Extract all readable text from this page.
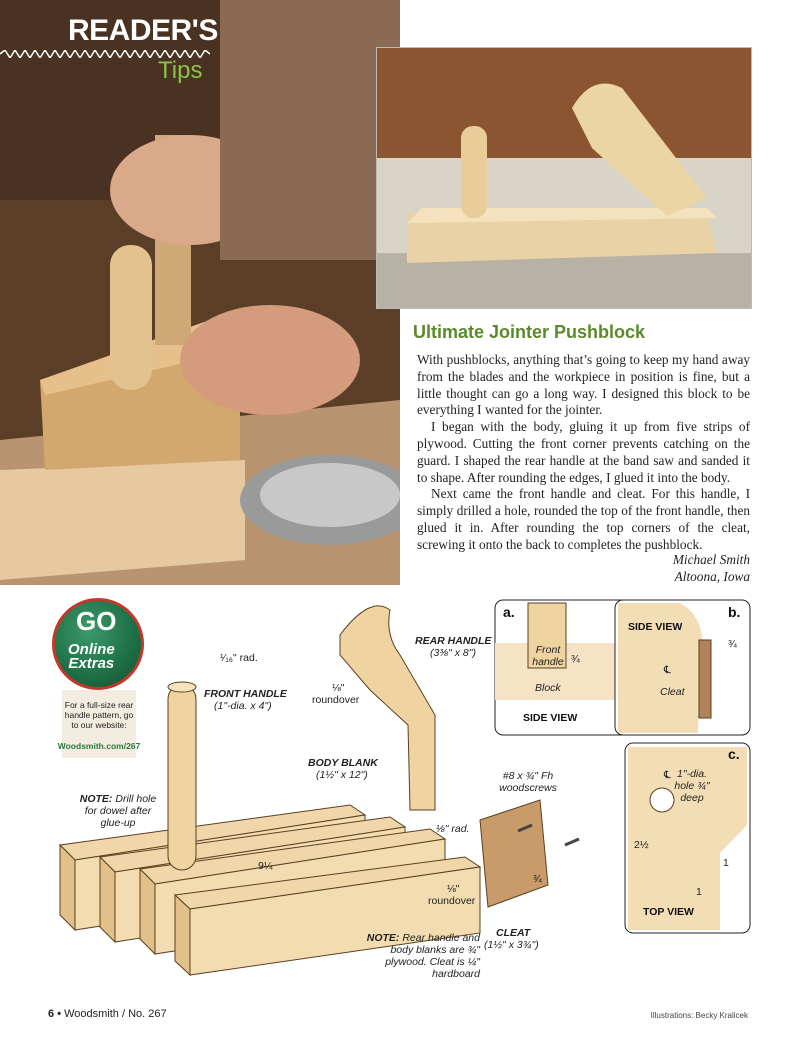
READER'S
Tips
Ultimate Jointer Pushblock

With pushblocks, anything that’s going to keep my hand away from the blades and the workpiece in position is fine, but a little thought can go a long way. I designed this block to be everything I wanted for the jointer.

I began with the body, gluing it up from five strips of plywood. Cutting the front corner prevents catching on the guard. I shaped the rear handle at the band saw and sanded it to shape. After rounding the edges, I glued it into the body.

Next came the front handle and cleat. For this handle, I simply drilled a hole, rounded the top of the front handle, then glued it in. After rounding the top corners of the cleat, screwing it onto the back to completes the pushblock.

Michael Smith
Altoona, Iowa
¹⁄₁₆" rad.
FRONT HANDLE
(1"-dia. x 4")
REAR HANDLE
(3⅜" x 8")
⅛"
roundover
BODY BLANK
(1½" x 12")
NOTE: Drill hole for dowel after glue-up
9¼
#8 x ¾" Fh woodscrews
⅛" rad.
⅛"
roundover
¾
NOTE: Rear handle and body blanks are ¾" plywood. Cleat is ¼" hardboard
CLEAT
(1½" x 3¾")
a.
Front handle ¾
Block
SIDE VIEW
b.
SIDE VIEW
¾
℄
Cleat
c.
℄ 1"-dia. hole ¾" deep
2½
1
1
TOP VIEW
GO
Online
Extras
For a full-size rear handle pattern, go to our website:
Woodsmith.com/267
6 • Woodsmith / No. 267	Illustrations: Becky Kralicek
